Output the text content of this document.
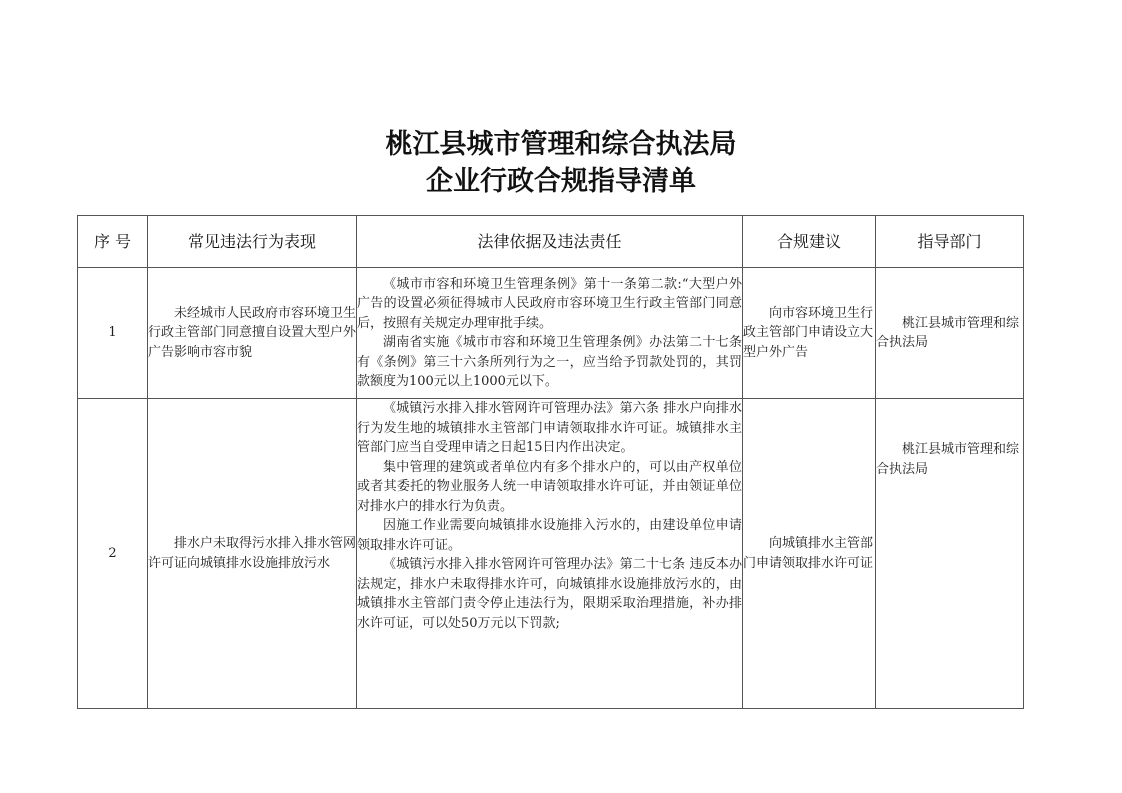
桃江县城市管理和综合执法局
企业行政合规指导清单
序 号	常见违法行为表现	法律依据及违法责任	合规建议	指导部门
1	未经城市人民政府市容环境卫生行政主管部门同意擅自设置大型户外广告影响市容市貌	《城市市容和环境卫生管理条例》第十一条第二款:“大型户外广告的设置必须征得城市人民政府市容环境卫生行政主管部门同意后，按照有关规定办理审批手续。
湖南省实施《城市市容和环境卫生管理条例》办法第二十七条 有《条例》第三十六条所列行为之一，应当给予罚款处罚的，其罚款额度为100元以上1000元以下。	向市容环境卫生行政主管部门申请设立大型户外广告	桃江县城市管理和综合执法局

2	排水户未取得污水排入排水管网许可证向城镇排水设施排放污水	《城镇污水排入排水管网许可管理办法》第六条 排水户向排水行为发生地的城镇排水主管部门申请领取排水许可证。城镇排水主管部门应当自受理申请之日起15日内作出决定。
集中管理的建筑或者单位内有多个排水户的，可以由产权单位或者其委托的物业服务人统一申请领取排水许可证，并由领证单位对排水户的排水行为负责。
因施工作业需要向城镇排水设施排入污水的，由建设单位申请领取排水许可证。
《城镇污水排入排水管网许可管理办法》第二十七条 违反本办法规定，排水户未取得排水许可，向城镇排水设施排放污水的，由城镇排水主管部门责令停止违法行为，限期采取治理措施，补办排水许可证，可以处50万元以下罚款;	向城镇排水主管部门申请领取排水许可证	桃江县城市管理和综合执法局
